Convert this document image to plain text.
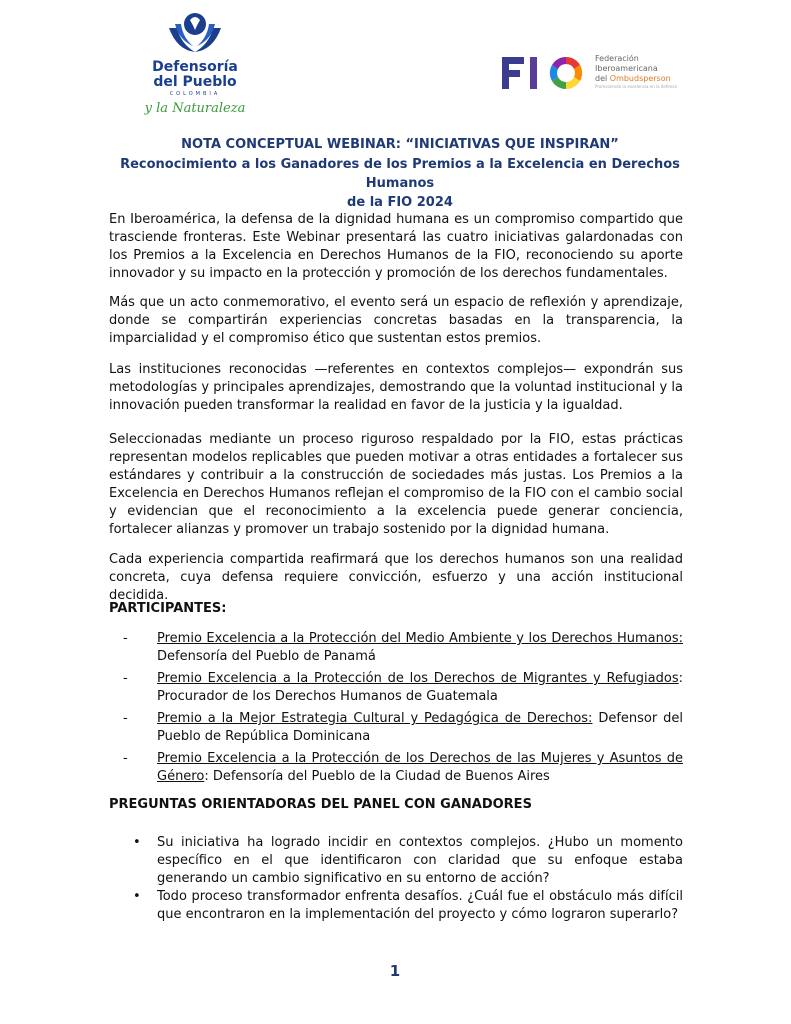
Defensoría
del Pueblo
COLOMBIA
y la Naturaleza
Federación
Iberoamericana
del Ombudsperson
Promoviendo la excelencia en la defensa
NOTA CONCEPTUAL WEBINAR: “INICIATIVAS QUE INSPIRAN”
Reconocimiento a los Ganadores de los Premios a la Excelencia en Derechos Humanos
de la FIO 2024

En Iberoamérica, la defensa de la dignidad humana es un compromiso compartido que trasciende fronteras. Este Webinar presentará las cuatro iniciativas galardonadas con los Premios a la Excelencia en Derechos Humanos de la FIO, reconociendo su aporte innovador y su impacto en la protección y promoción de los derechos fundamentales.

Más que un acto conmemorativo, el evento será un espacio de reflexión y aprendizaje, donde se compartirán experiencias concretas basadas en la transparencia, la imparcialidad y el compromiso ético que sustentan estos premios.

Las instituciones reconocidas —referentes en contextos complejos— expondrán sus metodologías y principales aprendizajes, demostrando que la voluntad institucional y la innovación pueden transformar la realidad en favor de la justicia y la igualdad.

Seleccionadas mediante un proceso riguroso respaldado por la FIO, estas prácticas representan modelos replicables que pueden motivar a otras entidades a fortalecer sus estándares y contribuir a la construcción de sociedades más justas. Los Premios a la Excelencia en Derechos Humanos reflejan el compromiso de la FIO con el cambio social y evidencian que el reconocimiento a la excelencia puede generar conciencia, fortalecer alianzas y promover un trabajo sostenido por la dignidad humana.

Cada experiencia compartida reafirmará que los derechos humanos son una realidad concreta, cuya defensa requiere convicción, esfuerzo y una acción institucional decidida.

PARTICIPANTES:
- Premio Excelencia a la Protección del Medio Ambiente y los Derechos Humanos: Defensoría del Pueblo de Panamá
- Premio Excelencia a la Protección de los Derechos de Migrantes y Refugiados: Procurador de los Derechos Humanos de Guatemala
- Premio a la Mejor Estrategia Cultural y Pedagógica de Derechos: Defensor del Pueblo de República Dominicana
- Premio Excelencia a la Protección de los Derechos de las Mujeres y Asuntos de Género: Defensoría del Pueblo de la Ciudad de Buenos Aires
PREGUNTAS ORIENTADORAS DEL PANEL CON GANADORES
• Su iniciativa ha logrado incidir en contextos complejos. ¿Hubo un momento específico en el que identificaron con claridad que su enfoque estaba generando un cambio significativo en su entorno de acción?
• Todo proceso transformador enfrenta desafíos. ¿Cuál fue el obstáculo más difícil que encontraron en la implementación del proyecto y cómo lograron superarlo?
1
